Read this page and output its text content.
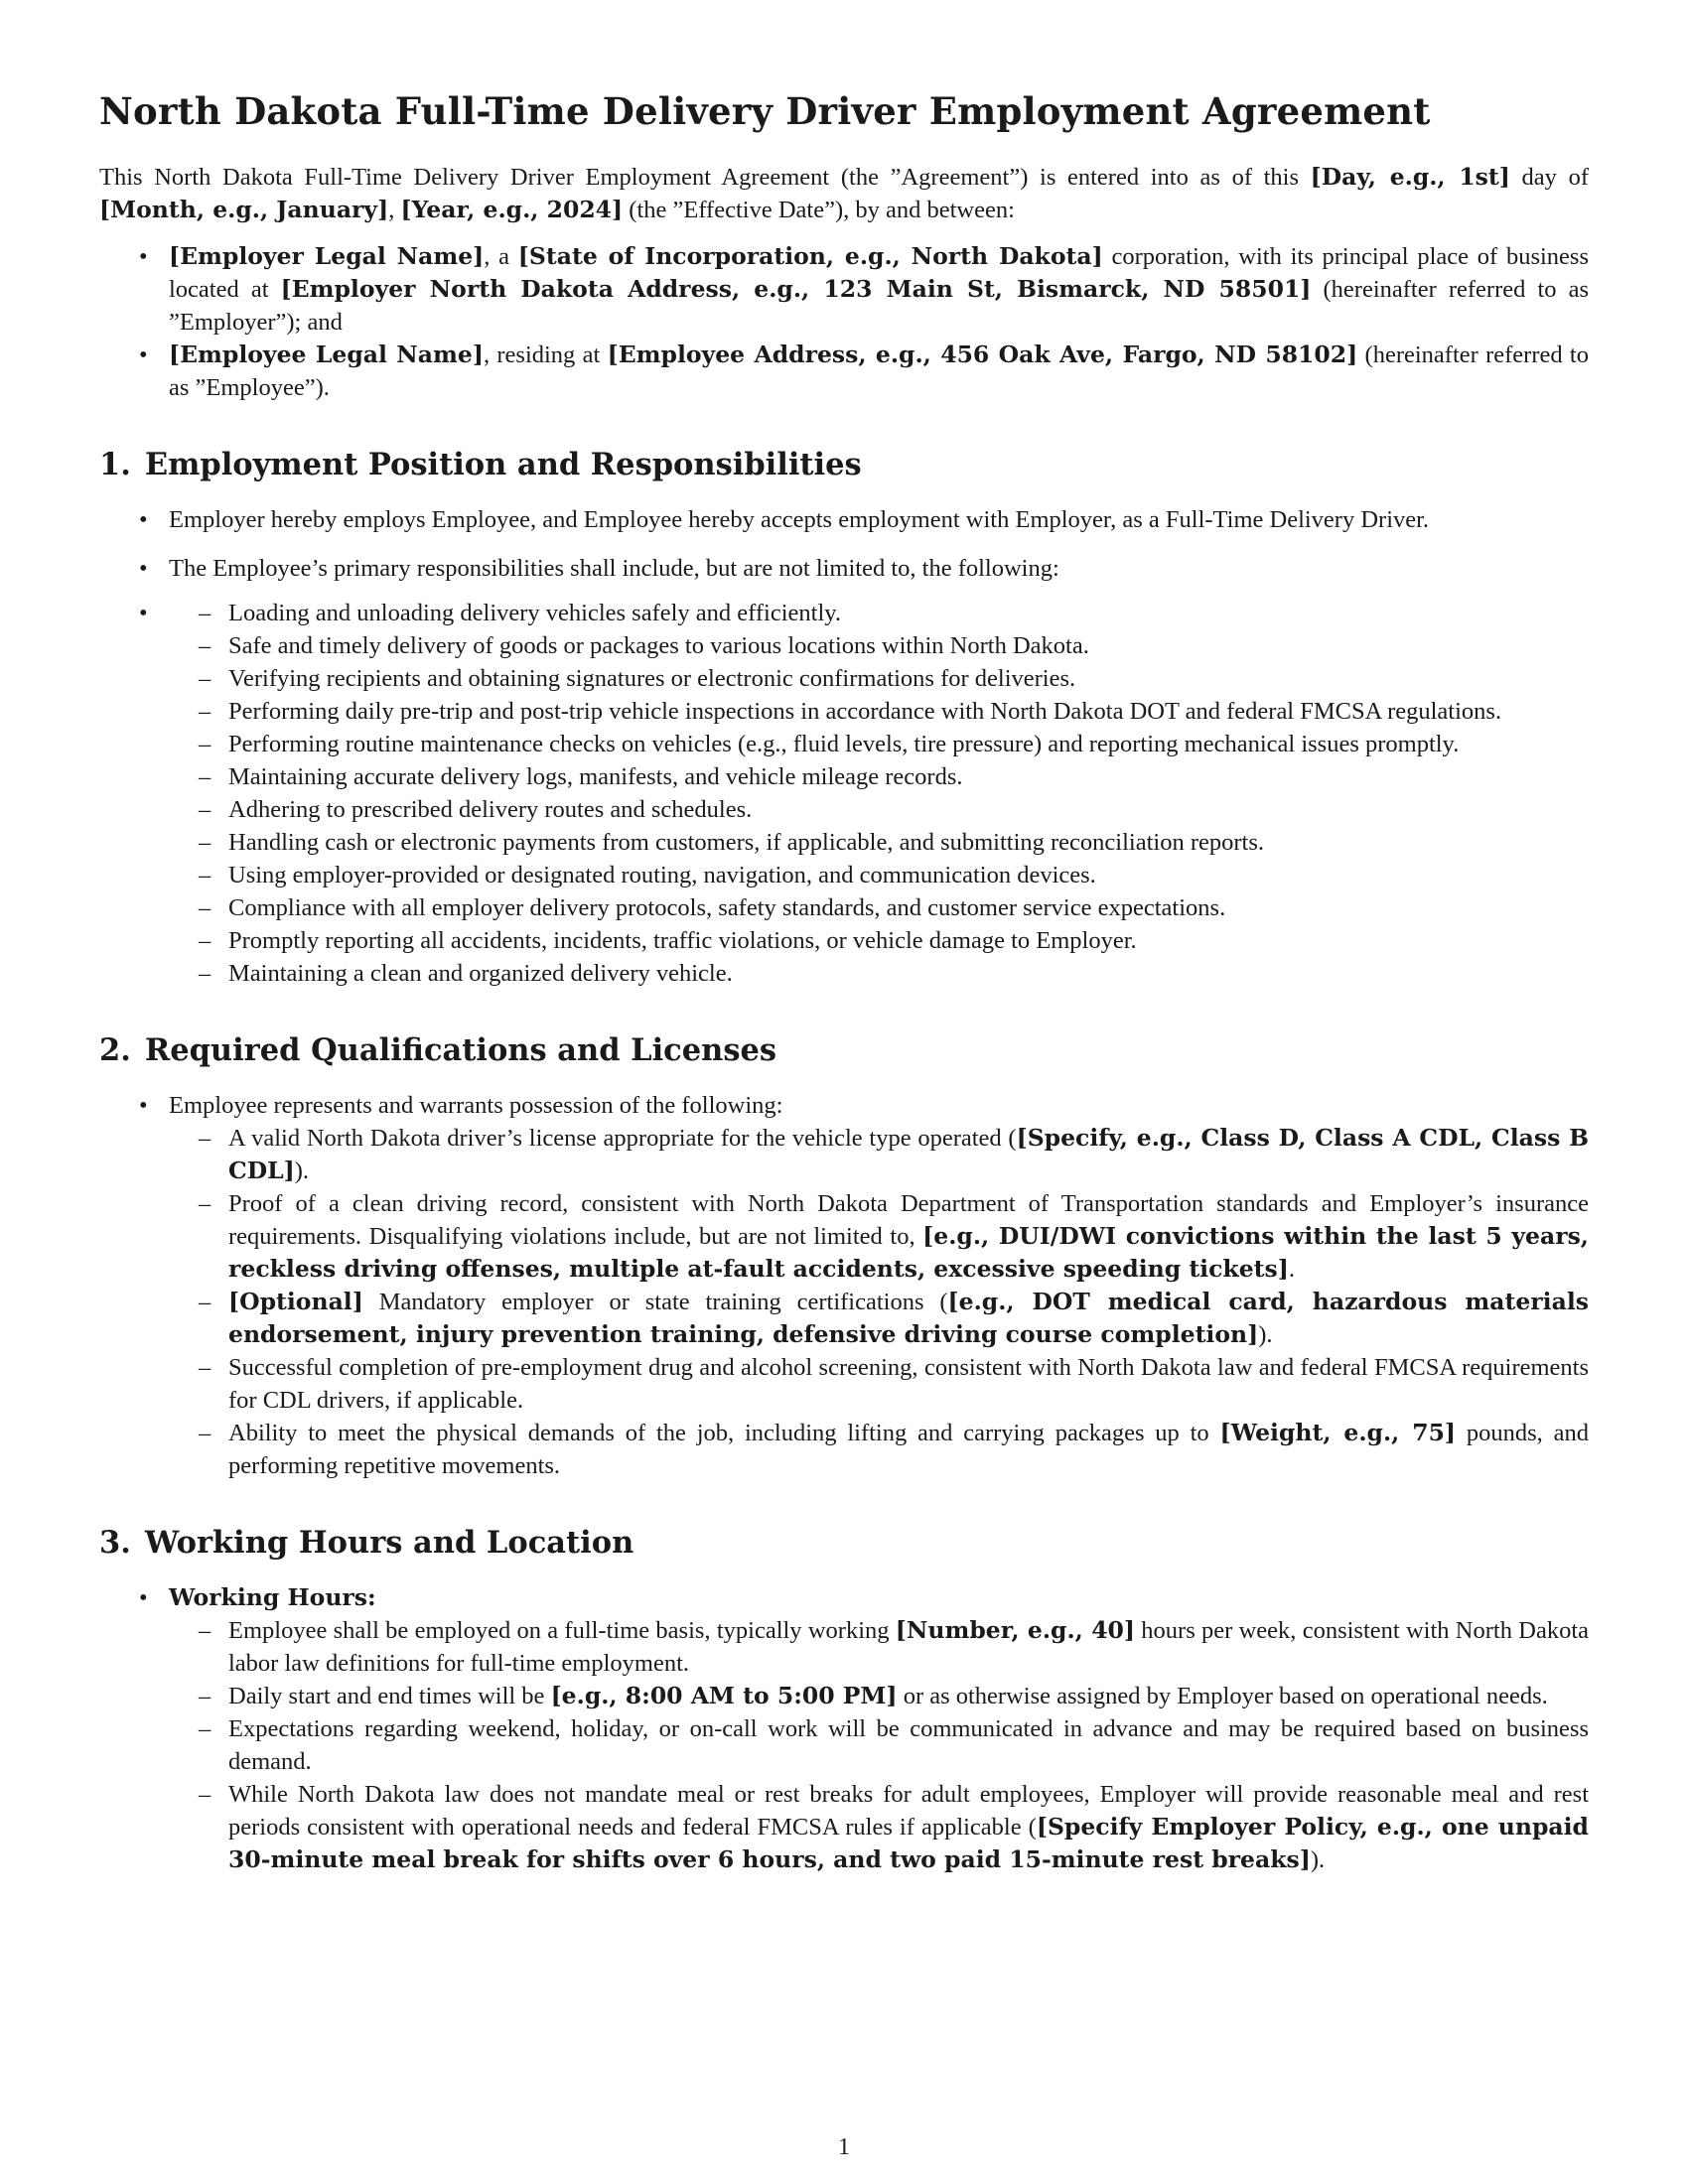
North Dakota Full-Time Delivery Driver Employment Agreement

This North Dakota Full-Time Delivery Driver Employment Agreement (the ”Agreement”) is entered into as of this [Day, e.g., 1st] day of [Month, e.g., January], [Year, e.g., 2024] (the ”Effective Date”), by and between:

• [Employer Legal Name], a [State of Incorporation, e.g., North Dakota] corporation, with its principal place of business located at [Employer North Dakota Address, e.g., 123 Main St, Bismarck, ND 58501] (hereinafter referred to as ”Employer”); and
• [Employee Legal Name], residing at [Employee Address, e.g., 456 Oak Ave, Fargo, ND 58102] (hereinafter referred to as ”Employee”).
1. Employment Position and Responsibilities
• Employer hereby employs Employee, and Employee hereby accepts employment with Employer, as a Full-Time Delivery Driver.
• The Employee’s primary responsibilities shall include, but are not limited to, the following:
– • Loading and unloading delivery vehicles safely and efficiently.
– Safe and timely delivery of goods or packages to various locations within North Dakota.
– Verifying recipients and obtaining signatures or electronic confirmations for deliveries.
– Performing daily pre-trip and post-trip vehicle inspections in accordance with North Dakota DOT and federal FMCSA regulations.
– Performing routine maintenance checks on vehicles (e.g., fluid levels, tire pressure) and reporting mechanical issues promptly.
– Maintaining accurate delivery logs, manifests, and vehicle mileage records.
– Adhering to prescribed delivery routes and schedules.
– Handling cash or electronic payments from customers, if applicable, and submitting reconciliation reports.
– Using employer-provided or designated routing, navigation, and communication devices.
– Compliance with all employer delivery protocols, safety standards, and customer service expectations.
– Promptly reporting all accidents, incidents, traffic violations, or vehicle damage to Employer.
– Maintaining a clean and organized delivery vehicle.
2. Required Qualifications and Licenses
• Employee represents and warrants possession of the following:
– A valid North Dakota driver’s license appropriate for the vehicle type operated ([Specify, e.g., Class D, Class A CDL, Class B CDL]).
– Proof of a clean driving record, consistent with North Dakota Department of Transportation standards and Employer’s insurance requirements. Disqualifying violations include, but are not limited to, [e.g., DUI/DWI convictions within the last 5 years, reckless driving offenses, multiple at-fault accidents, excessive speeding tickets].
– [Optional] Mandatory employer or state training certifications ([e.g., DOT medical card, hazardous materials endorsement, injury prevention training, defensive driving course completion]).
– Successful completion of pre-employment drug and alcohol screening, consistent with North Dakota law and federal FMCSA requirements for CDL drivers, if applicable.
– Ability to meet the physical demands of the job, including lifting and carrying packages up to [Weight, e.g., 75] pounds, and performing repetitive movements.
3. Working Hours and Location
• Working Hours:
– Employee shall be employed on a full-time basis, typically working [Number, e.g., 40] hours per week, consistent with North Dakota labor law definitions for full-time employment.
– Daily start and end times will be [e.g., 8:00 AM to 5:00 PM] or as otherwise assigned by Employer based on operational needs.
– Expectations regarding weekend, holiday, or on-call work will be communicated in advance and may be required based on business demand.
– While North Dakota law does not mandate meal or rest breaks for adult employees, Employer will provide reasonable meal and rest periods consistent with operational needs and federal FMCSA rules if applicable ([Specify Employer Policy, e.g., one unpaid 30-minute meal break for shifts over 6 hours, and two paid 15-minute rest breaks]).
1
